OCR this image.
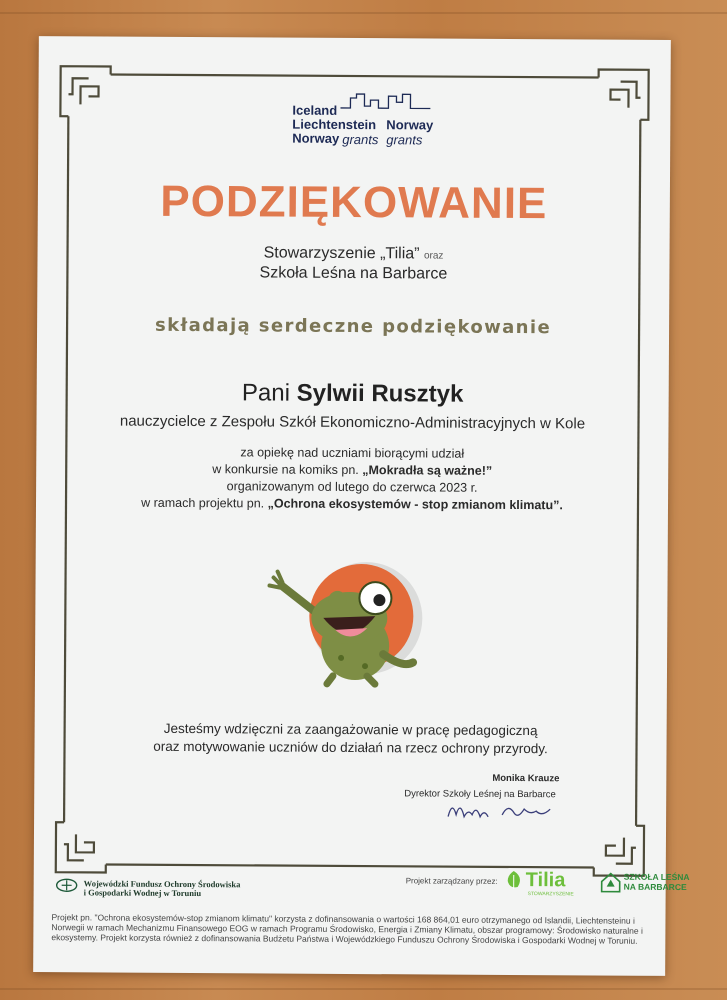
Iceland
Liechtenstein Norway
Norway grants grants
PODZIĘKOWANIE
Stowarzyszenie „Tilia” oraz
Szkoła Leśna na Barbarce
składają serdeczne podziękowanie
Pani Sylwii Rusztyk
nauczycielce z Zespołu Szkół Ekonomiczno-Administracyjnych w Kole
za opiekę nad uczniami biorącymi udział
w konkursie na komiks pn. „Mokradła są ważne!”
organizowanym od lutego do czerwca 2023 r.
w ramach projektu pn. „Ochrona ekosystemów - stop zmianom klimatu”.
Jesteśmy wdzięczni za zaangażowanie w pracę pedagogiczną
oraz motywowanie uczniów do działań na rzecz ochrony przyrody.
Monika Krauze
Dyrektor Szkoły Leśnej na Barbarce
Wojewódzki Fundusz Ochrony Środowiska
i Gospodarki Wodnej w Toruniu
Projekt zarządzany przez: Tilia
STOWARZYSZENIE
SZKOŁA LEŚNA
NA BARBARCE
Projekt pn. "Ochrona ekosystemów-stop zmianom klimatu" korzysta z dofinansowania o wartości 168 864,01 euro otrzymanego od Islandii, Liechtensteinu i Norwegii w ramach Mechanizmu Finansowego EOG w ramach Programu Środowisko, Energia i Zmiany Klimatu, obszar programowy: Środowisko naturalne i ekosystemy. Projekt korzysta również z dofinansowania Budżetu Państwa i Wojewódzkiego Funduszu Ochrony Środowiska i Gospodarki Wodnej w Toruniu.
